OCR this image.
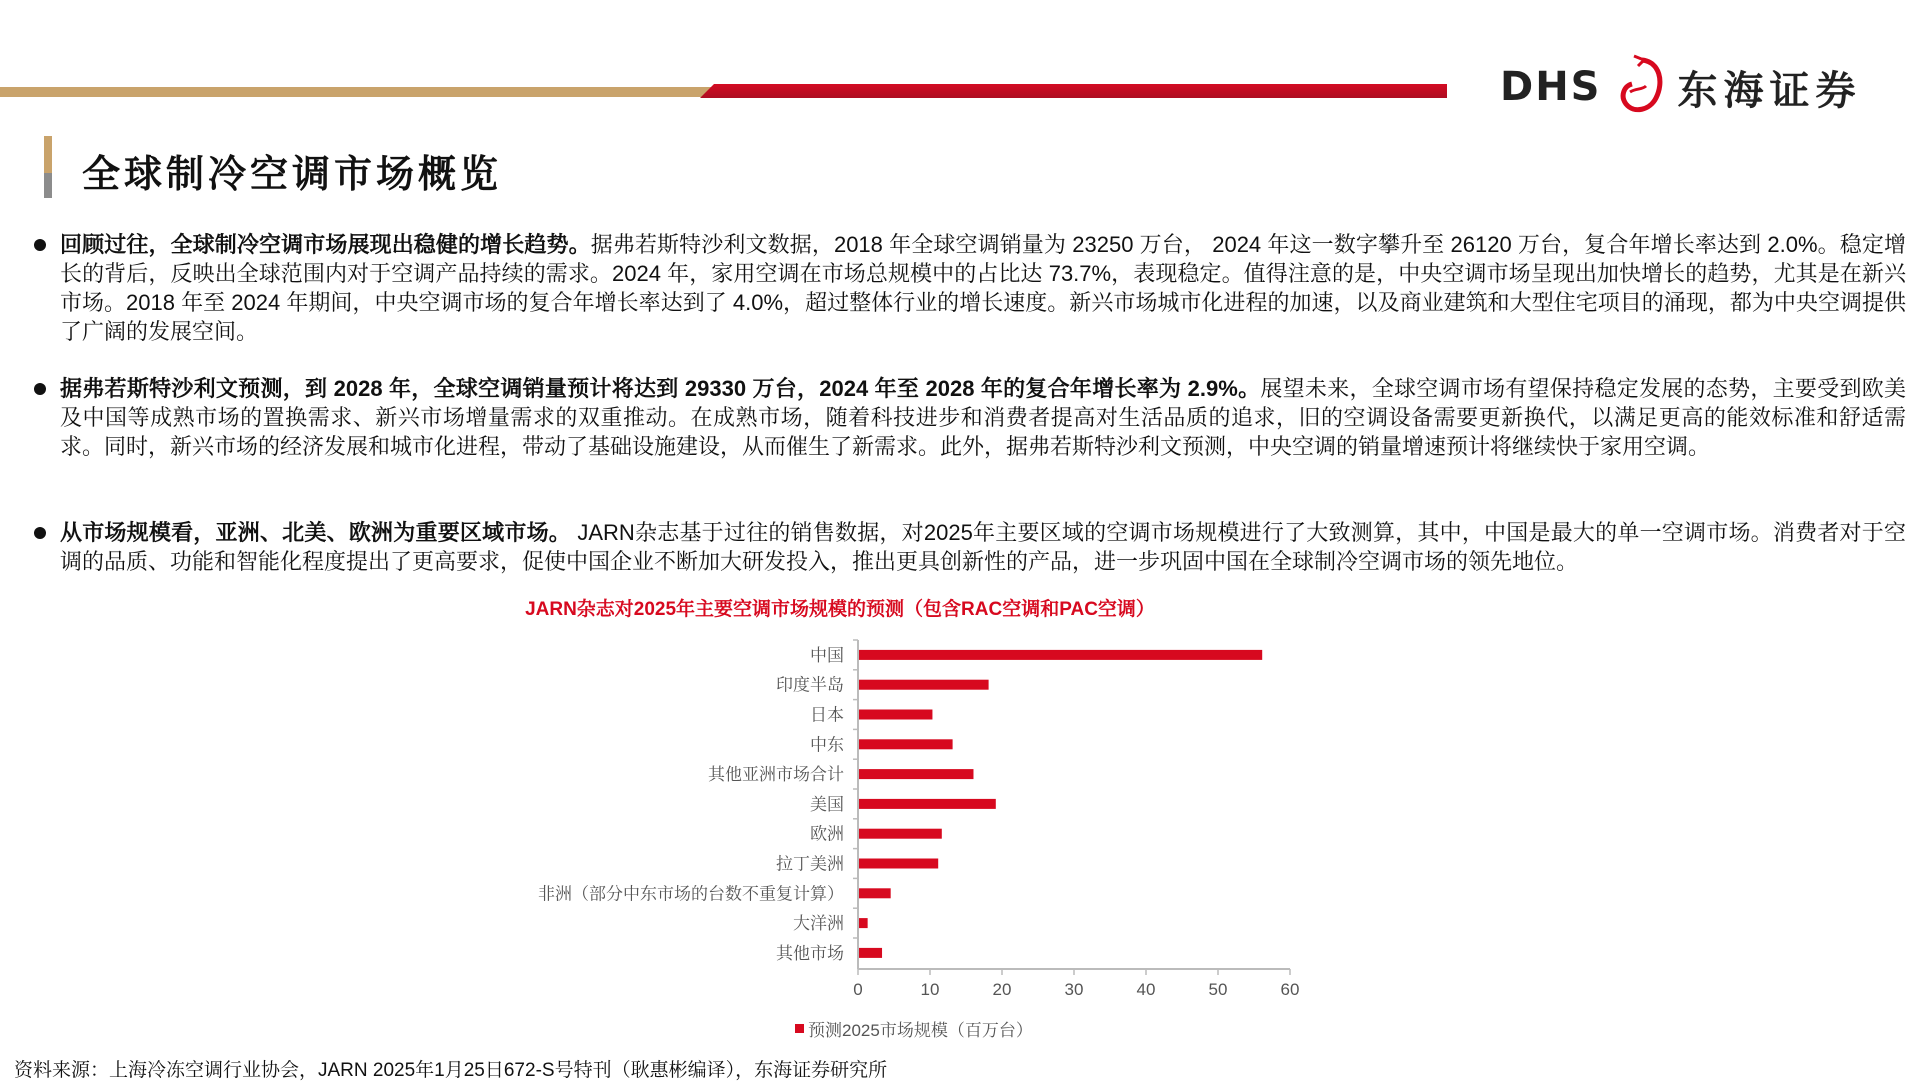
DHS 东海证券
全球制冷空调市场概览
回顾过往，全球制冷空调市场展现出稳健的增长趋势。据弗若斯特沙利文数据，2018 年全球空调销量为 23250 万台， 2024 年这一数字攀升至 26120 万台，复合年增长率达到 2.0%。稳定增长的背后，反映出全球范围内对于空调产品持续的需求。2024 年，家用空调在市场总规模中的占比达 73.7%，表现稳定。值得注意的是，中央空调市场呈现出加快增长的趋势，尤其是在新兴市场。2018 年至 2024 年期间，中央空调市场的复合年增长率达到了 4.0%，超过整体行业的增长速度。新兴市场城市化进程的加速，以及商业建筑和大型住宅项目的涌现，都为中央空调提供了广阔的发展空间。
据弗若斯特沙利文预测，到 2028 年，全球空调销量预计将达到 29330 万台，2024 年至 2028 年的复合年增长率为 2.9%。展望未来，全球空调市场有望保持稳定发展的态势，主要受到欧美及中国等成熟市场的置换需求、新兴市场增量需求的双重推动。在成熟市场，随着科技进步和消费者提高对生活品质的追求，旧的空调设备需要更新换代，以满足更高的能效标准和舒适需求。同时，新兴市场的经济发展和城市化进程，带动了基础设施建设，从而催生了新需求。此外，据弗若斯特沙利文预测，中央空调的销量增速预计将继续快于家用空调。
从市场规模看，亚洲、北美、欧洲为重要区域市场。 JARN杂志基于过往的销售数据，对2025年主要区域的空调市场规模进行了大致测算，其中，中国是最大的单一空调市场。消费者对于空调的品质、功能和智能化程度提出了更高要求，促使中国企业不断加大研发投入，推出更具创新性的产品，进一步巩固中国在全球制冷空调市场的领先地位。
JARN杂志对2025年主要空调市场规模的预测（包含RAC空调和PAC空调）
中国
印度半岛
日本
中东
其他亚洲市场合计
美国
欧洲
拉丁美洲
非洲（部分中东市场的台数不重复计算）
大洋洲
其他市场
0	10	20	30	40	50	60
预测2025市场规模（百万台）
资料来源：上海冷冻空调行业协会，JARN 2025年1月25日672-S号特刊（耿惠彬编译），东海证券研究所
